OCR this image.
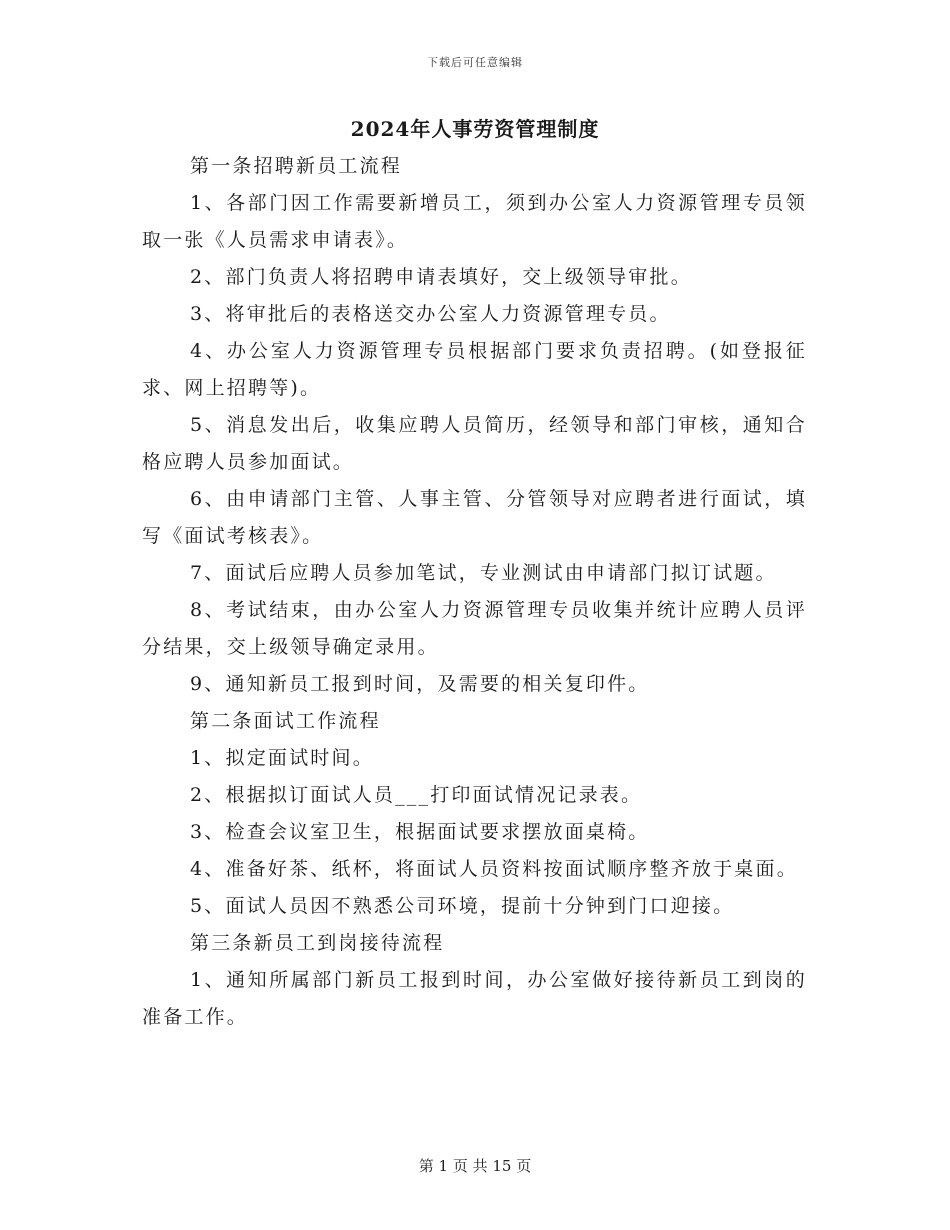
下载后可任意编辑
2024年人事劳资管理制度

第一条招聘新员工流程

1、各部门因工作需要新增员工，须到办公室人力资源管理专员领取一张《人员需求申请表》。

2、部门负责人将招聘申请表填好，交上级领导审批。

3、将审批后的表格送交办公室人力资源管理专员。

4、办公室人力资源管理专员根据部门要求负责招聘。(如登报征求、网上招聘等)。

5、消息发出后，收集应聘人员简历，经领导和部门审核，通知合格应聘人员参加面试。

6、由申请部门主管、人事主管、分管领导对应聘者进行面试，填写《面试考核表》。

7、面试后应聘人员参加笔试，专业测试由申请部门拟订试题。

8、考试结束，由办公室人力资源管理专员收集并统计应聘人员评分结果，交上级领导确定录用。

9、通知新员工报到时间，及需要的相关复印件。

第二条面试工作流程

1、拟定面试时间。

2、根据拟订面试人员___打印面试情况记录表。

3、检查会议室卫生，根据面试要求摆放面桌椅。

4、准备好茶、纸杯，将面试人员资料按面试顺序整齐放于桌面。

5、面试人员因不熟悉公司环境，提前十分钟到门口迎接。

第三条新员工到岗接待流程

1、通知所属部门新员工报到时间，办公室做好接待新员工到岗的准备工作。

第 1 页 共 15 页
